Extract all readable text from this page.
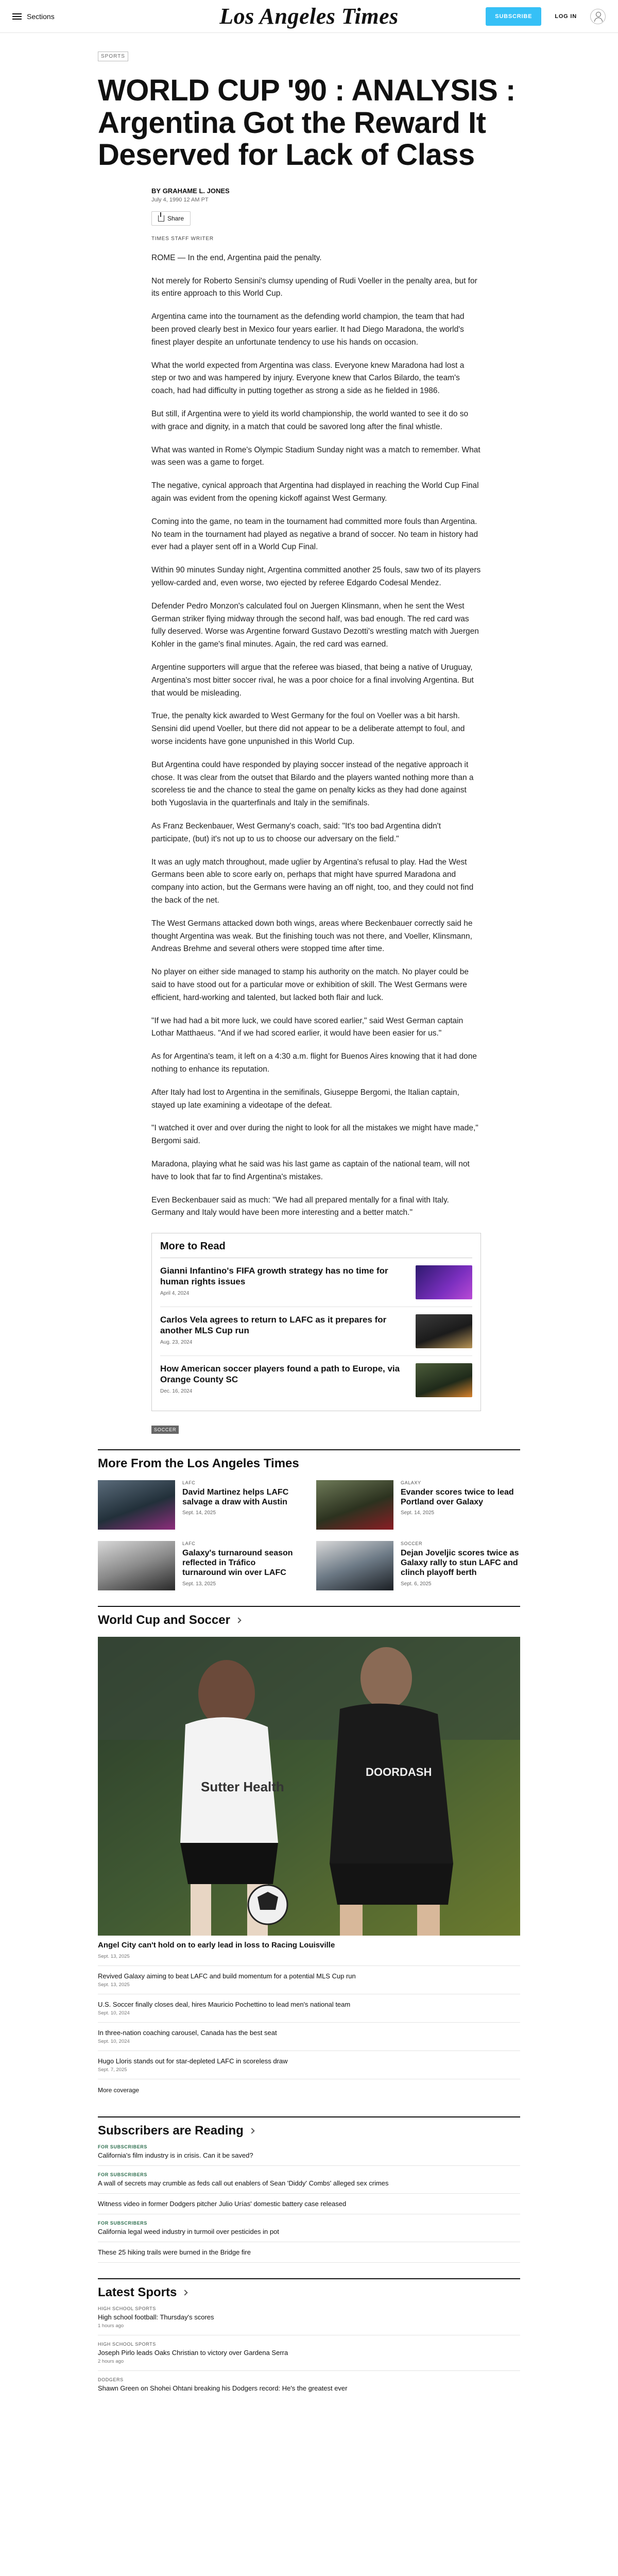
Sections	Los Angeles Times	SUBSCRIBE	LOG IN
SPORTS
WORLD CUP '90 : ANALYSIS : Argentina Got the Reward It Deserved for Lack of Class
BY GRAHAME L. JONES
July 4, 1990 12 AM PT
Share
TIMES STAFF WRITER

ROME — In the end, Argentina paid the penalty.

Not merely for Roberto Sensini's clumsy upending of Rudi Voeller in the penalty area, but for its entire approach to this World Cup.

Argentina came into the tournament as the defending world champion, the team that had been proved clearly best in Mexico four years earlier. It had Diego Maradona, the world's finest player despite an unfortunate tendency to use his hands on occasion.

What the world expected from Argentina was class. Everyone knew Maradona had lost a step or two and was hampered by injury. Everyone knew that Carlos Bilardo, the team's coach, had had difficulty in putting together as strong a side as he fielded in 1986.

But still, if Argentina were to yield its world championship, the world wanted to see it do so with grace and dignity, in a match that could be savored long after the final whistle.

What was wanted in Rome's Olympic Stadium Sunday night was a match to remember. What was seen was a game to forget.

The negative, cynical approach that Argentina had displayed in reaching the World Cup Final again was evident from the opening kickoff against West Germany.

Coming into the game, no team in the tournament had committed more fouls than Argentina. No team in the tournament had played as negative a brand of soccer. No team in history had ever had a player sent off in a World Cup Final.

Within 90 minutes Sunday night, Argentina committed another 25 fouls, saw two of its players yellow-carded and, even worse, two ejected by referee Edgardo Codesal Mendez.

Defender Pedro Monzon's calculated foul on Juergen Klinsmann, when he sent the West German striker flying midway through the second half, was bad enough. The red card was fully deserved. Worse was Argentine forward Gustavo Dezotti's wrestling match with Juergen Kohler in the game's final minutes. Again, the red card was earned.

Argentine supporters will argue that the referee was biased, that being a native of Uruguay, Argentina's most bitter soccer rival, he was a poor choice for a final involving Argentina. But that would be misleading.

True, the penalty kick awarded to West Germany for the foul on Voeller was a bit harsh. Sensini did upend Voeller, but there did not appear to be a deliberate attempt to foul, and worse incidents have gone unpunished in this World Cup.

But Argentina could have responded by playing soccer instead of the negative approach it chose. It was clear from the outset that Bilardo and the players wanted nothing more than a scoreless tie and the chance to steal the game on penalty kicks as they had done against both Yugoslavia in the quarterfinals and Italy in the semifinals.

As Franz Beckenbauer, West Germany's coach, said: "It's too bad Argentina didn't participate, (but) it's not up to us to choose our adversary on the field."

It was an ugly match throughout, made uglier by Argentina's refusal to play. Had the West Germans been able to score early on, perhaps that might have spurred Maradona and company into action, but the Germans were having an off night, too, and they could not find the back of the net.

The West Germans attacked down both wings, areas where Beckenbauer correctly said he thought Argentina was weak. But the finishing touch was not there, and Voeller, Klinsmann, Andreas Brehme and several others were stopped time after time.

No player on either side managed to stamp his authority on the match. No player could be said to have stood out for a particular move or exhibition of skill. The West Germans were efficient, hard-working and talented, but lacked both flair and luck.

"If we had had a bit more luck, we could have scored earlier," said West German captain Lothar Matthaeus. "And if we had scored earlier, it would have been easier for us."

As for Argentina's team, it left on a 4:30 a.m. flight for Buenos Aires knowing that it had done nothing to enhance its reputation.

After Italy had lost to Argentina in the semifinals, Giuseppe Bergomi, the Italian captain, stayed up late examining a videotape of the defeat.

"I watched it over and over during the night to look for all the mistakes we might have made," Bergomi said.

Maradona, playing what he said was his last game as captain of the national team, will not have to look that far to find Argentina's mistakes.

Even Beckenbauer said as much: "We had all prepared mentally for a final with Italy. Germany and Italy would have been more interesting and a better match."

More to Read
Gianni Infantino's FIFA growth strategy has no time for human rights issues
April 4, 2024
Carlos Vela agrees to return to LAFC as it prepares for another MLS Cup run
Aug. 23, 2024
How American soccer players found a path to Europe, via Orange County SC
Dec. 16, 2024
SOCCER
More From the Los Angeles Times
LAFC
David Martinez helps LAFC salvage a draw with Austin
Sept. 14, 2025
GALAXY
Evander scores twice to lead Portland over Galaxy
Sept. 14, 2025
LAFC
Galaxy's turnaround season reflected in Tráfico turnaround win over LAFC
Sept. 13, 2025
SOCCER
Dejan Joveljic scores twice as Galaxy rally to stun LAFC and clinch playoff berth
Sept. 6, 2025
World Cup and Soccer
Sutter Health
DOORDASH
Angel City can't hold on to early lead in loss to Racing Louisville
Sept. 13, 2025
Revived Galaxy aiming to beat LAFC and build momentum for a potential MLS Cup run
Sept. 13, 2025
U.S. Soccer finally closes deal, hires Mauricio Pochettino to lead men's national team
Sept. 10, 2024
In three-nation coaching carousel, Canada has the best seat
Sept. 10, 2024
Hugo Lloris stands out for star-depleted LAFC in scoreless draw
Sept. 7, 2025
More coverage
Subscribers are Reading
FOR SUBSCRIBERS
California's film industry is in crisis. Can it be saved?
FOR SUBSCRIBERS
A wall of secrets may crumble as feds call out enablers of Sean 'Diddy' Combs' alleged sex crimes
Witness video in former Dodgers pitcher Julio Urías' domestic battery case released
FOR SUBSCRIBERS
California legal weed industry in turmoil over pesticides in pot
These 25 hiking trails were burned in the Bridge fire
Latest Sports
HIGH SCHOOL SPORTS
High school football: Thursday's scores
1 hours ago
HIGH SCHOOL SPORTS
Joseph Pirlo leads Oaks Christian to victory over Gardena Serra
2 hours ago
DODGERS
Shawn Green on Shohei Ohtani breaking his Dodgers record: He's the greatest ever
